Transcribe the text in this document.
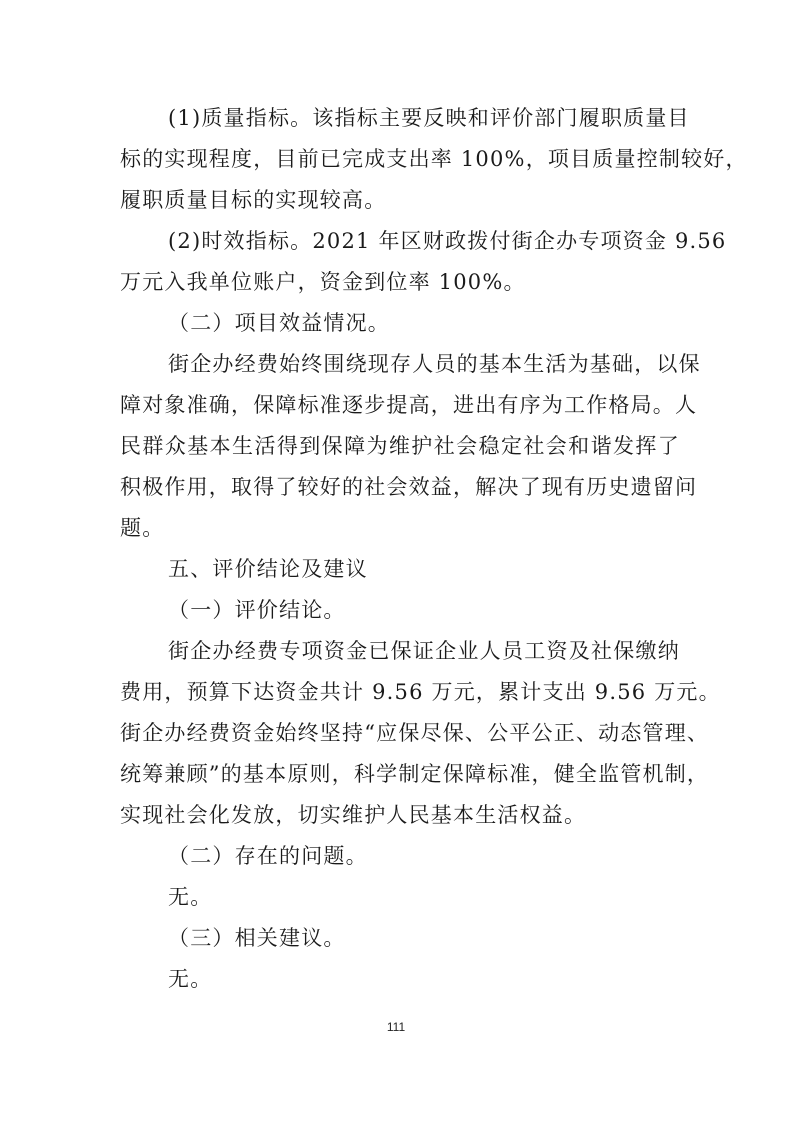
(1)质量指标。该指标主要反映和评价部门履职质量目
标的实现程度，目前已完成支出率 100%，项目质量控制较好，
履职质量目标的实现较高。
(2)时效指标。2021 年区财政拨付街企办专项资金 9.56
万元入我单位账户，资金到位率 100%。
（二）项目效益情况。
街企办经费始终围绕现存人员的基本生活为基础，以保
障对象准确，保障标准逐步提高，进出有序为工作格局。人
民群众基本生活得到保障为维护社会稳定社会和谐发挥了
积极作用，取得了较好的社会效益，解决了现有历史遗留问
题。
五、评价结论及建议
（一）评价结论。
街企办经费专项资金已保证企业人员工资及社保缴纳
费用，预算下达资金共计 9.56 万元，累计支出 9.56 万元。
街企办经费资金始终坚持“应保尽保、公平公正、动态管理、
统筹兼顾”的基本原则，科学制定保障标准，健全监管机制，
实现社会化发放，切实维护人民基本生活权益。
（二）存在的问题。
无。
（三）相关建议。
无。
111
